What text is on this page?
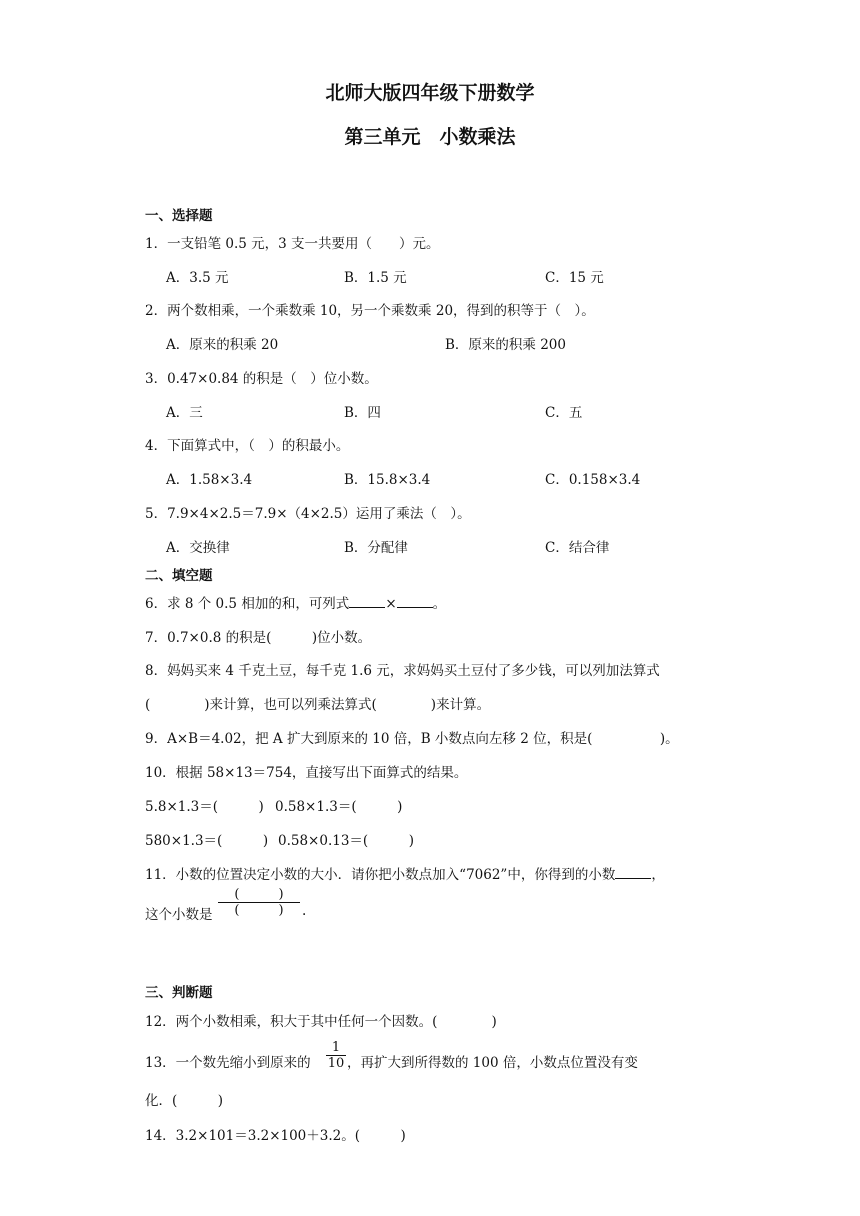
北师大版四年级下册数学
第三单元　小数乘法
一、选择题
1．一支铅笔 0.5 元，3 支一共要用（　　）元。
A．3.5 元	B．1.5 元	C．15 元
2．两个数相乘，一个乘数乘 10，另一个乘数乘 20，得到的积等于（　）。
A．原来的积乘 20	B．原来的积乘 200
3．0.47×0.84 的积是（　）位小数。
A．三	B．四	C．五
4．下面算式中，（　）的积最小。
A．1.58×3.4	B．15.8×3.4	C．0.158×3.4
5．7.9×4×2.5＝7.9×（4×2.5）运用了乘法（　）。
A．交换律	B．分配律	C．结合律
二、填空题
6．求 8 个 0.5 相加的和，可列式	×	。
7．0.7×0.8 的积是(　　　)位小数。
8．妈妈买来 4 千克土豆，每千克 1.6 元，求妈妈买土豆付了多少钱，可以列加法算式
(　　　　)来计算，也可以列乘法算式(　　　　)来计算。
9．A×B＝4.02，把 A 扩大到原来的 10 倍，B 小数点向左移 2 位，积是(　　　　　)。
10．根据 58×13＝754，直接写出下面算式的结果。
5.8×1.3＝(　　　) 0.58×1.3＝(　　　)
580×1.3＝(　　　) 0.58×0.13＝(　　　)
11．小数的位置决定小数的大小．请你把小数点加入“7062”中，你得到的小数	，
这个小数是
(　　　)
(　　　)	.
三、判断题
12．两个小数相乘，积大于其中任何一个因数。(　　　　)
13．一个数先缩小到原来的
1
10 ，再扩大到所得数的 100 倍，小数点位置没有变
化．(　　　)
14．3.2×101＝3.2×100＋3.2。(　　　)
